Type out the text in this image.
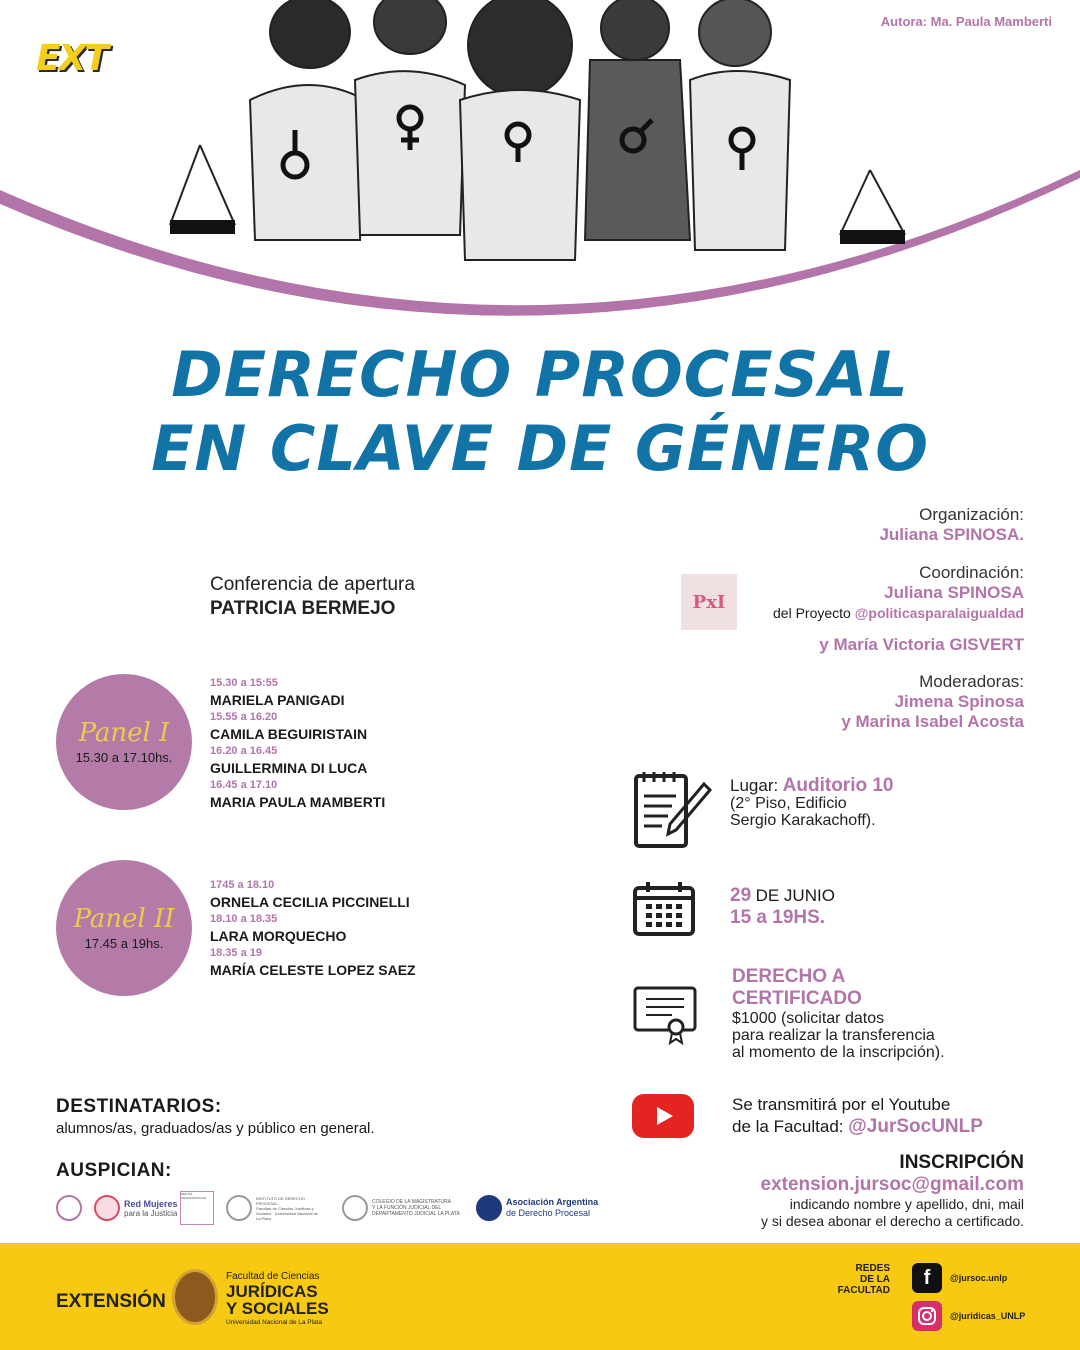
EXT
Autora: Ma. Paula Mamberti
DERECHO PROCESAL
EN CLAVE DE GÉNERO
Organización:
Juliana SPINOSA.
Coordinación:
Juliana SPINOSA
del Proyecto @politicasparalaigualdad
y María Victoria GISVERT
PxI
Moderadoras:
Jimena Spinosa
y Marina Isabel Acosta
Conferencia de apertura
PATRICIA BERMEJO
Panel I
15.30 a 17.10hs.
15.30 a 15:55
MARIELA PANIGADI
15.55 a 16.20
CAMILA BEGUIRISTAIN
16.20 a 16.45
GUILLERMINA DI LUCA
16.45 a 17.10
MARIA PAULA MAMBERTI
Panel II
17.45 a 19hs.
1745 a 18.10
ORNELA CECILIA PICCINELLI
18.10 a 18.35
LARA MORQUECHO
18.35 a 19
MARÍA CELESTE LOPEZ SAEZ
Lugar: Auditorio 10
(2° Piso, Edificio
Sergio Karakachoff).
29 DE JUNIO
15 a 19HS.
DERECHO A
CERTIFICADO
$1000 (solicitar datos
para realizar la transferencia
al momento de la inscripción).
Se transmitirá por el Youtube
de la Facultad: @JurSocUNLP
DESTINATARIOS:
alumnos/as, graduados/as y público en general.
AUSPICIAN:
Red Mujeres
para la Justicia
RED DE PROFESIONALES	INSTITUTO DE DERECHO PROCESAL
Facultad de Ciencias Jurídicas y Sociales · Universidad Nacional de La Plata
COLEGIO DE LA MAGISTRATURA
Y LA FUNCIÓN JUDICIAL DEL DEPARTAMENTO JUDICIAL LA PLATA
Asociación Argentina
de Derecho Procesal
INSCRIPCIÓN
extension.jursoc@gmail.com
indicando nombre y apellido, dni, mail
y si desea abonar el derecho a certificado.
EXTENSIÓN
Facultad de Ciencias
JURÍDICAS
Y SOCIALES
Universidad Nacional de La Plata
REDES
DE LA
FACULTAD
f	@jursoc.unlp
@juridicas_UNLP
